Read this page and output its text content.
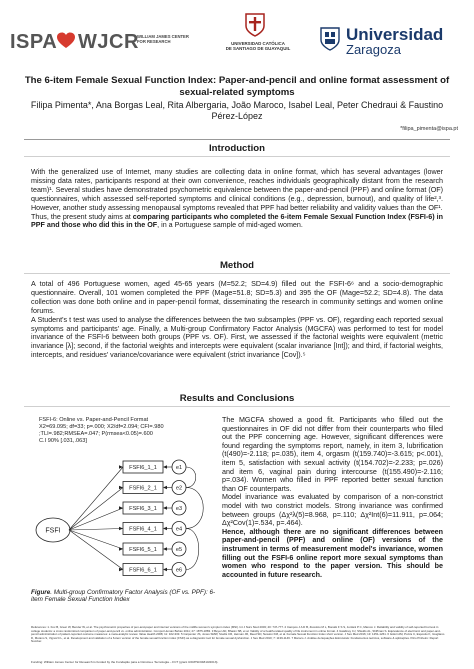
ISPA WJCR
WILLIAM JAMES CENTER FOR RESEARCH	UNIVERSIDAD CATÓLICA
DE SANTIAGO DE GUAYAQUIL
Universidad
Zaragoza
The 6-item Female Sexual Function Index: Paper-and-pencil and online format assessment of sexual-related symptoms
Filipa Pimenta*, Ana Borgas Leal, Rita Albergaria, João Maroco, Isabel Leal, Peter Chedraui & Faustino Pérez-López
*filipa_pimenta@ispa.pt
Introduction
With the generalized use of Internet, many studies are collecting data in online format, which has several advantages (lower missing data rates, participants respond at their own convenience, reaches individuals geographically distant from the research team)¹. Several studies have demonstrated psychometric equivalence between the paper-and-pencil (PPF) and online format (OF) questionnaires, which assessed self-reported symptoms and clinical conditions (e.g., depression, burnout), and quality of life²,³. However, another study assessing menopausal symptoms revealed that PPF had better reliability and validity values than the OF¹.
Thus, the present study aims at comparing participants who completed the 6-item Female Sexual Function Index (FSFI-6) in PPF and those who did this in the OF, in a Portuguese sample of mid-aged women.
Method
A total of 496 Portuguese women, aged 45-65 years (M=52.2; SD=4.9) filled out the FSFI-6⁶ and a socio-demographic questionnaire. Overall, 101 women completed the PPF (Mage=51.8; SD=5.3) and 395 the OF (Mage=52.2; SD=4.8). The data collection was done both online and in paper-pencil format, disseminating the research in community settings and women online forums.
A Student's t test was used to analyse the differences between the two subsamples (PPF vs. OF), regarding each reported sexual symptoms and participants' age. Finally, a Multi-group Confirmatory Factor Analysis (MGCFA) was performed to test for model invariance of the FSFI-6 between both groups (PPF vs. OF). First, we assessed if the factorial weights were equivalent (metric invariance [λ]; second, if the factorial weights and intercepts were equivalent (scalar invariance [Int]); and third, if factorial weights, intercepts, and residues' variance/covariance were equivalent (strict invariance [Cov]).⁵
Results and Conclusions
FSFI-6: Online vs. Paper-and-Pencil Format
X2=69.095; df=33; p=.000; X2/df=2.094; CFI=.980
;TLI=.982;RMSEA=.047; P(rmsea<0.05)=.600
C.I 90% [.031,.063]
FSFI
FSFI6_1_1	e1
FSFI6_2_1	e2
FSFI6_3_1	e3
FSFI6_4_1	e4
FSFI6_5_1	e5
FSFI6_6_1	e6
Figure. Multi-group Confirmatory Factor Analysis (OF vs. PPF): 6-item Female Sexual Function Index
The MGCFA showed a good fit. Participants who filled out the questionnaires in OF did not differ from their counterparts who filled out the PPF concerning age. However, significant differences were found regarding the symptoms report, namely, in item 3, lubrification (t(490)=-2.118; p=.035), item 4, orgasm (t(159.740)=-3.615; p<.001), item 5, satisfaction with sexual activity (t(154.702)=-2.233; p=.026) and item 6, vaginal pain during intercourse (t(155.490)=-2.116; p=.034). Women who filled in PPF reported better sexual function than OF counterparts.
Model invariance was evaluated by comparison of a non-constrict model with two constrict models. Strong invariance was confirmed between groups (Δχ²λ(5)=8.968, p=.110; Δχ²Int(6)=11.911, p=.064; Δχ²Cov(1)=.534, p=.464).
Hence, although there are no significant differences between paper-and-pencil (PPF) and online (OF) versions of the instrument in terms of measurement model's invariance, women filling out the FSFI-6 online report more sexual symptoms than women who respond to the paper version. This should be accounted in future research.
References: 1. Fox B, Greer W, Bender W, et al. The psychometric properties of pen-and-paper and internet versions of the midlife women's symptom index (MSI). Int J Nurs Stud 2003; 40: 747-777. 2 Campos J A D B, Zucoloto M L, Bonafé F S S, Jordani P C, Maroco J. Reliability and validity of self-reported burnout in college students: a cross randomized comparison of paper-and-pencil vs. online administration. Comput Human Behav 2011; 27: 1875-1883. 3 Beyer AD, Bhasin SB, et al. Validity of a health-related quality of life instrument in online format. 4 Gwaltney CJ, Shields AL, Shiffman S. Equivalence of electronic and paper-and-pencil administration of patient-reported outcome measures: a meta-analytic review. Value Health 2008; 11: 322-333. 5 Carpenter JS, Jones SMW, Studts CR, Heiman JR, Reed SD, Newton KM, et al. Female Sexual Function Index short version. J Sex Med 2016; 13: 1251-1261. 6 Isidori AM, Pozza C, Esposito K, Giugliano D, Morano S, Vignozzi L, et al. Development and validation of a 6-item version of the female sexual function index (FSFI) as a diagnostic tool for female sexual dysfunction. J Sex Med 2010; 7: 1139-1146. 7 Maroco J. Análise de Equações Estruturais: Fundamentos teóricos, software & aplicações. Pêro Pinheiro: Report Number.
Funding: William James Center for Research is funded by the Fundação para a Ciência e Tecnologia – FCT (grant UID/PSI/04810/2013).
